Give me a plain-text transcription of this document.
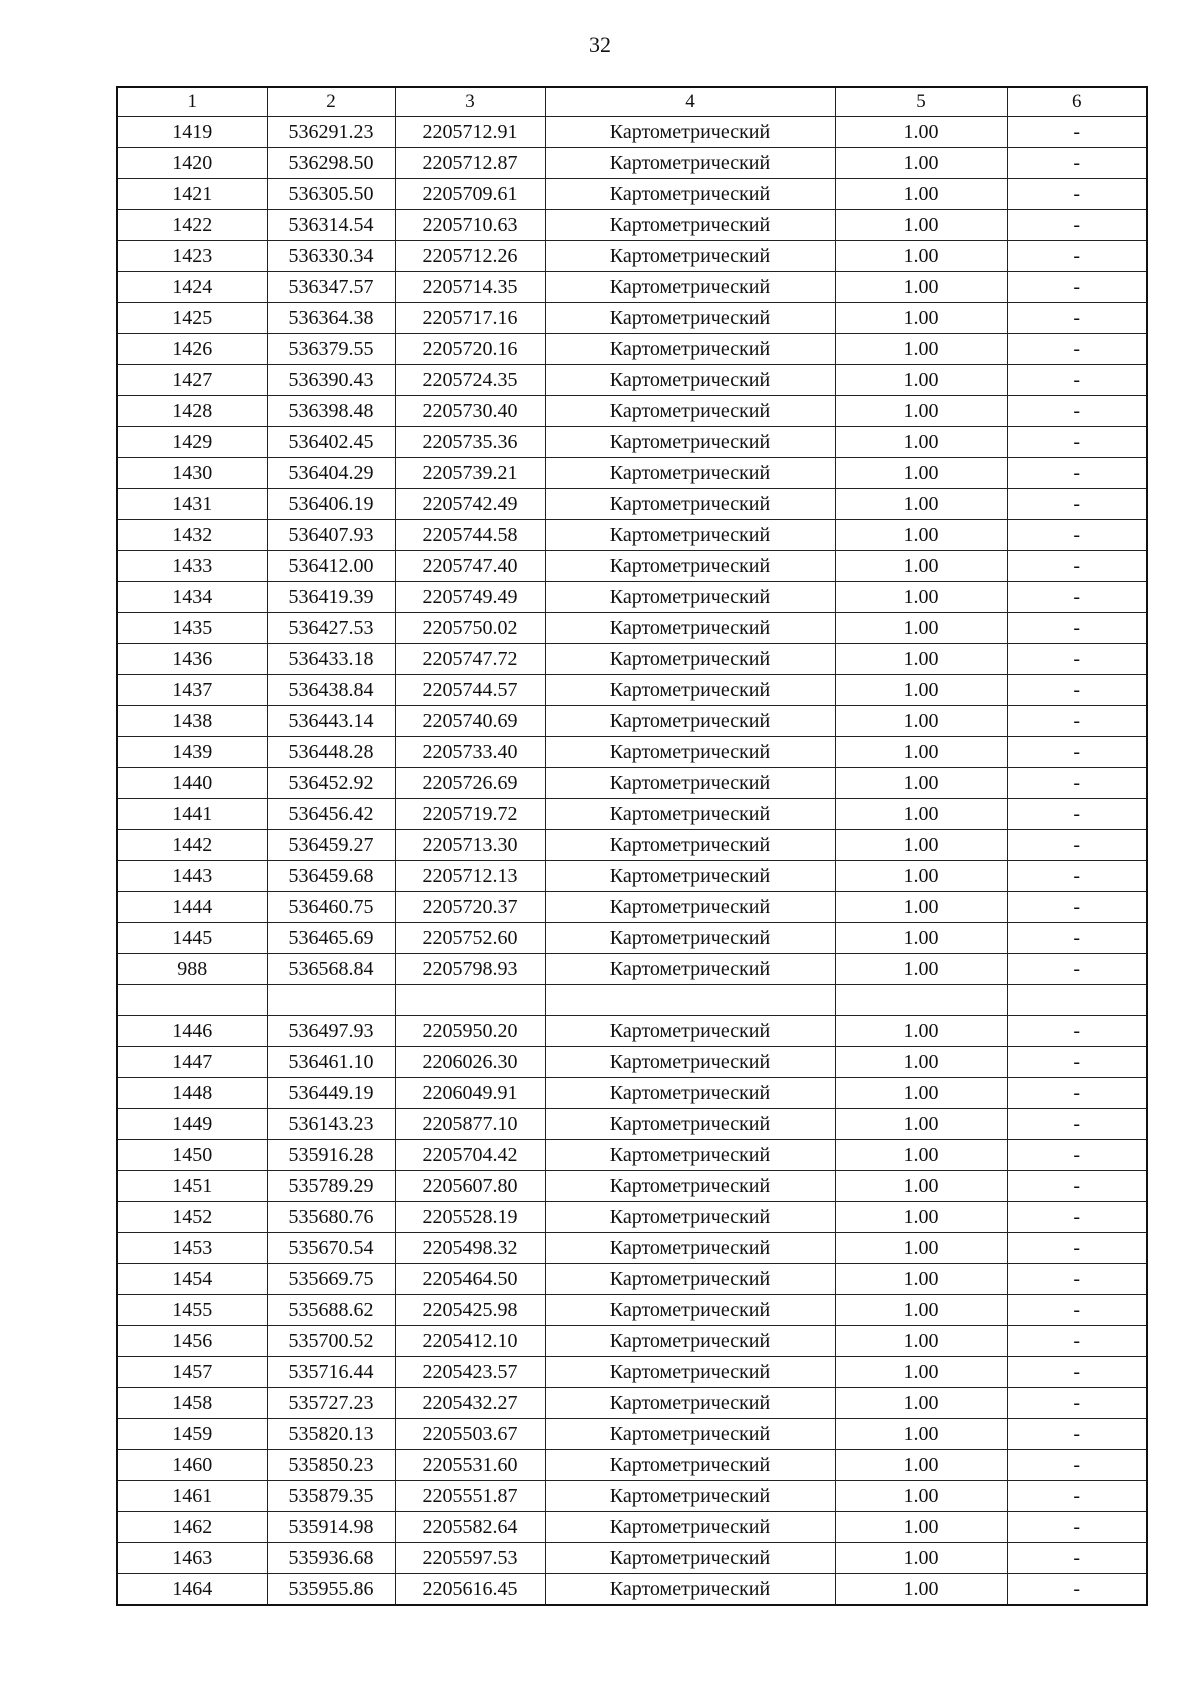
32
1	2	3	4	5	6
1419	536291.23	2205712.91	Картометрический	1.00	-
1420	536298.50	2205712.87	Картометрический	1.00	-
1421	536305.50	2205709.61	Картометрический	1.00	-
1422	536314.54	2205710.63	Картометрический	1.00	-
1423	536330.34	2205712.26	Картометрический	1.00	-
1424	536347.57	2205714.35	Картометрический	1.00	-
1425	536364.38	2205717.16	Картометрический	1.00	-
1426	536379.55	2205720.16	Картометрический	1.00	-
1427	536390.43	2205724.35	Картометрический	1.00	-
1428	536398.48	2205730.40	Картометрический	1.00	-
1429	536402.45	2205735.36	Картометрический	1.00	-
1430	536404.29	2205739.21	Картометрический	1.00	-
1431	536406.19	2205742.49	Картометрический	1.00	-
1432	536407.93	2205744.58	Картометрический	1.00	-
1433	536412.00	2205747.40	Картометрический	1.00	-
1434	536419.39	2205749.49	Картометрический	1.00	-
1435	536427.53	2205750.02	Картометрический	1.00	-
1436	536433.18	2205747.72	Картометрический	1.00	-
1437	536438.84	2205744.57	Картометрический	1.00	-
1438	536443.14	2205740.69	Картометрический	1.00	-
1439	536448.28	2205733.40	Картометрический	1.00	-
1440	536452.92	2205726.69	Картометрический	1.00	-
1441	536456.42	2205719.72	Картометрический	1.00	-
1442	536459.27	2205713.30	Картометрический	1.00	-
1443	536459.68	2205712.13	Картометрический	1.00	-
1444	536460.75	2205720.37	Картометрический	1.00	-
1445	536465.69	2205752.60	Картометрический	1.00	-
988	536568.84	2205798.93	Картометрический	1.00	-

1446	536497.93	2205950.20	Картометрический	1.00	-
1447	536461.10	2206026.30	Картометрический	1.00	-
1448	536449.19	2206049.91	Картометрический	1.00	-
1449	536143.23	2205877.10	Картометрический	1.00	-
1450	535916.28	2205704.42	Картометрический	1.00	-
1451	535789.29	2205607.80	Картометрический	1.00	-
1452	535680.76	2205528.19	Картометрический	1.00	-
1453	535670.54	2205498.32	Картометрический	1.00	-
1454	535669.75	2205464.50	Картометрический	1.00	-
1455	535688.62	2205425.98	Картометрический	1.00	-
1456	535700.52	2205412.10	Картометрический	1.00	-
1457	535716.44	2205423.57	Картометрический	1.00	-
1458	535727.23	2205432.27	Картометрический	1.00	-
1459	535820.13	2205503.67	Картометрический	1.00	-
1460	535850.23	2205531.60	Картометрический	1.00	-
1461	535879.35	2205551.87	Картометрический	1.00	-
1462	535914.98	2205582.64	Картометрический	1.00	-
1463	535936.68	2205597.53	Картометрический	1.00	-
1464	535955.86	2205616.45	Картометрический	1.00	-
